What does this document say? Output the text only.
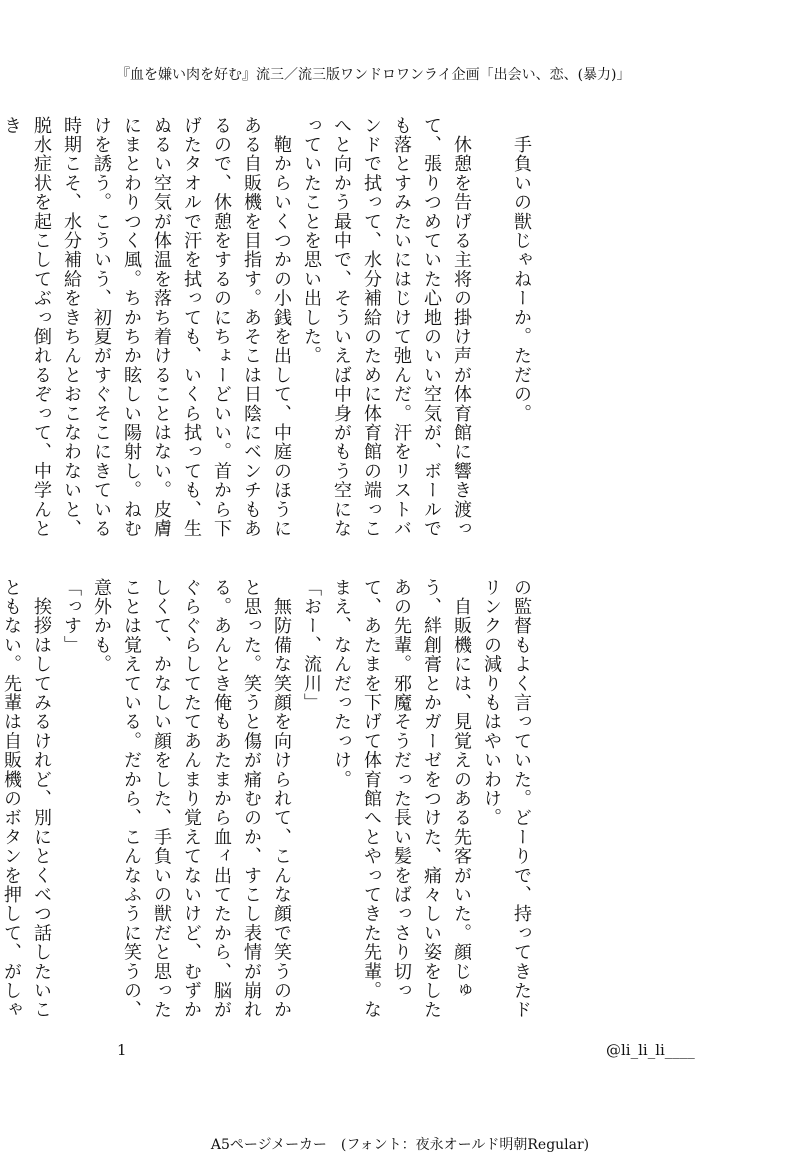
『血を嫌い肉を好む』流三／流三版ワンドロワンライ企画「出会い、恋、(暴力)」

　手負いの獣じゃねーか。ただの。

　休憩を告げる主将の掛け声が体育館に響き渡って、張りつめていた心地のいい空気が、ボールでも落とすみたいにはじけて弛んだ。汗をリストバンドで拭って、水分補給のために体育館の端っこへと向かう最中で、そういえば中身がもう空になっていたことを思い出した。

　鞄からいくつかの小銭を出して、中庭のほうにある自販機を目指す。あそこは日陰にベンチもあるので、休憩をするのにちょーどいい。首から下げたタオルで汗を拭っても、いくら拭っても、生ぬるい空気が体温を落ち着けることはない。皮膚にまとわりつく風。ちかちか眩しい陽射し。ねむけを誘う。こういう、初夏がすぐそこにきている時期こそ、水分補給をきちんとおこなわないと、脱水症状を起こしてぶっ倒れるぞって、中学んとき

の監督もよく言っていた。どーりで、持ってきたドリンクの減りもはやいわけ。

　自販機には、見覚えのある先客がいた。顔じゅう、絆創膏とかガーゼをつけた、痛々しい姿をしたあの先輩。邪魔そうだった長い髪をばっさり切って、あたまを下げて体育館へとやってきた先輩。なまえ、なんだったっけ。

「おー、流川」

　無防備な笑顔を向けられて、こんな顔で笑うのかと思った。笑うと傷が痛むのか、すこし表情が崩れる。あんとき俺もあたまから血ィ出てたから、脳がぐらぐらしてたてあんまり覚えてないけど、むずかしくて、かなしい顔をした、手負いの獣だと思ったことは覚えている。だから、こんなふうに笑うの、意外かも。

「っす」

　挨拶はしてみるけれど、別にとくべつ話したいこともない。先輩は自販機のボタンを押して、がしゃ

1	@li_li_li____
A5ページメーカー　(フォント：夜永オールド明朝Regular)
